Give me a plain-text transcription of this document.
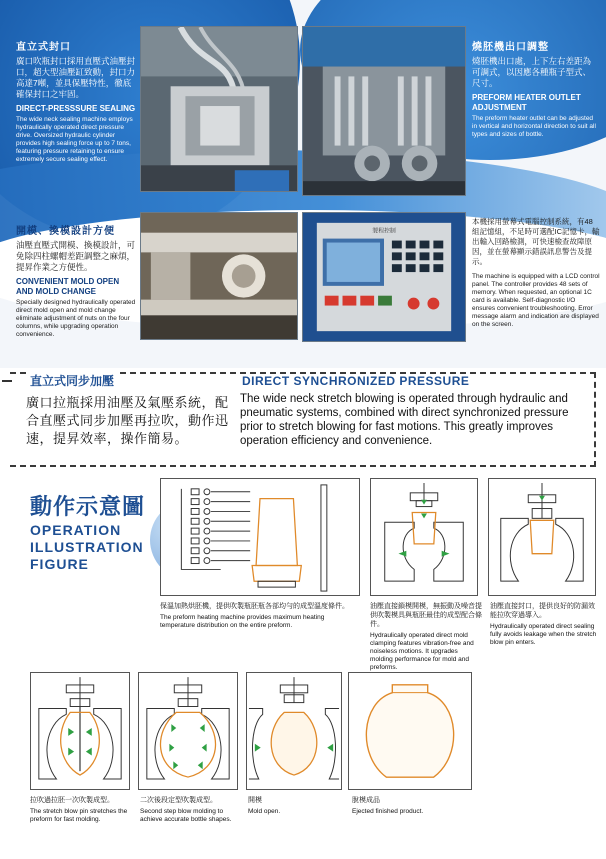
直立式封口
廣口吹瓶封口採用直壓式油壓封口，超大型油壓缸致動，封口力高達7噸，並具保壓特性，徹底確保封口之牢固。
DIRECT-PRESSSURE SEALING
The wide neck sealing machine employs hydraulically operated direct pressure drive. Oversized hydraulic cylinder provides high sealing force up to 7 tons, featuring pressure retaining to ensure extremely secure sealing effect.
燒胚機出口調整
燒胚機出口處，上下左右差距為可調式，以因應各種瓶子型式、尺寸。
PREFORM HEATER OUTLET ADJUSTMENT
The preform heater outlet can be adjusted in vertical and horizontal direction to suit all types and sizes of bottle.
開模、換模設計方便
油壓直壓式開模、換模設計，可免除四柱螺帽差距調整之麻煩，提昇作業之方便性。
CONVENIENT MOLD OPEN AND MOLD CHANGE
Specially designed hydraulically operated direct mold open and mold change eliminate adjustment of nuts on the four columns, while upgrading operation convenience.
製程控制
本機採用螢幕式電腦控制系統，有48組記憶組，不足時可選配IC記憶卡，輸出輸入回路檢測，可快速檢查故障原因，並在螢幕顯示錯誤訊息警告及提示。
The machine is equipped with a LCD control panel. The controller provides 48 sets of memory. When requested, an optional 1C card is available. Self-diagnostic I/O ensures convenient troubleshooting. Error message alarm and indication are displayed on the screen.
直立式同步加壓	DIRECT SYNCHRONIZED PRESSURE
廣口拉瓶採用油壓及氣壓系統，配合直壓式同步加壓再拉吹，動作迅速，提昇效率，操作簡易。
The wide neck stretch blowing is operated through hydraulic and pneumatic systems, combined with direct synchronized pressure prior to stretch blowing for fast motions. This greatly improves operation efficiency and convenience.
動作示意圖
OPERATION
ILLUSTRATION
FIGURE
保溫加熱烘胚機，提供吹製瓶胚瓶各部均勻的成型溫度條件。
The preform heating machine provides maximum heating temperature distribution on the entire preform.
油壓直接鎖模開模，無振動及噪音提供吹製模具與瓶胚最佳的成型配合條件。
Hydraulically operated direct mold clamping features vibration-free and noiseless motions. It upgrades molding performance for mold and preforms.
油壓直接封口，提供良好的防漏效能拉吹穿過導入。
Hydraulically operated direct sealing fully avoids leakage when the stretch blow pin enters.
拉吹過拉胚一次吹製成型。
The stretch blow pin stretches the preform for fast molding.
二次後段定型吹製成型。
Second step blow molding to achieve accurate bottle shapes.
開模
Mold open.
脫模成品
Ejected finished product.
